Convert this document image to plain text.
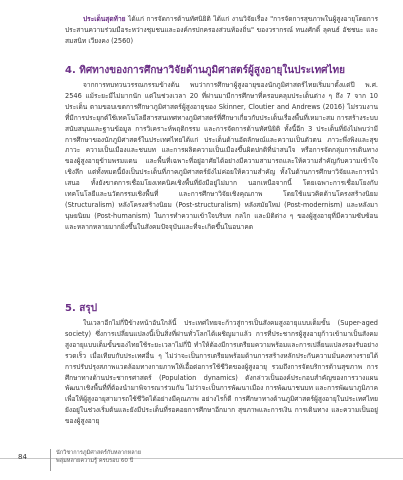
ประเด็นสุดท้าย ได้แก่ การจัดการด้านทัศนิยิติ ได้แก่ งานวิจัยเรื่อง "การจัดการสุขภาพในผู้สูงอายุโดยการประสานความร่วมมือระหว่างชุมชนและองค์กรปกครองส่วนท้องถิ่น" ของวรากรณ์ ทนงศักดิ์ ลุคนธ์ อัชชนะ และสมสนิท เวียงคง (2560)

4. ทิศทางของการศึกษาวิจัยด้านภูมิศาสตร์ผู้สูงอายุในประเทศไทย

จากการทบทวนวรรณกรรมข้างต้น พบว่าการศึกษาผู้สูงอายุของนักภูมิศาสตร์ไทยเริ่มมาตั้งแต่ปี พ.ศ. 2546 แม้ระยะมีไม่มากนัก แต่ในช่วงเวลา 20 ที่ผ่านมามีการศึกษาที่ครอบคลุมประเด็นต่าง ๆ ถึง 7 จาก 10 ประเด็น ตามขอบเขตการศึกษาภูมิศาสตร์ผู้สูงอายุของ Skinner, Cloutier and Andrews (2016) ไม่รวมงานที่มีการประยุกต์ใช้เทคโนโลยีสารสนเทศทางภูมิศาสตร์ที่ศึกษาเกี่ยวกับประเด็นเรื่องพื้นที่เหมาะสม การสร้างระบบสนับสนุนและฐานข้อมูล การวิเคราะห์พฤติกรรม และการจัดการด้านทัศนิยิติ ทั้งนี้อีก 3 ประเด็นที่ยังไม่พบว่ามีการศึกษาของนักภูมิศาสตร์ในประเทศไทยได้แก่ ประเด็นด้านอัตลักษณ์และความเป็นตัวตน ภาวะพึ่งพิงและสุขภาวะ ความเป็นเมืองและชนบท และการผลิตความเป็นเมืองขึ้นผิดปกติที่น่าสนใจ หรือการจัดกลุ่มการเดินทางของผู้สูงอายุข้ามพรมแดน และพื้นที่เฉพาะที่อยู่อาศัยได้อย่างมีความสามารถและให้ความสำคัญกับความเข้าใจเชิงลึก แต่ทั้งหมดนี้ยังเป็นประเด็นที่ภาคภูมิศาสตร์ยังไม่ค่อยให้ความสำคัญ ทั้งในด้านการศึกษาวิจัยและการนำเสนอ ทั้งยังขาดการเชื่อมโยงเทคนิคเชิงพื้นที่ยังมีอยู่ไม่มาก นอกเหนือจากนี้ โดยเฉพาะการเชื่อมโยงกับเทคโนโลยีและนวัตกรรมเชิงพื้นที่ และการศึกษาวิจัยเชิงคุณภาพ โดยใช้แนวคิดด้านโครงสร้างนิยม (Structuralism) หลังโครงสร้างนิยม (Post-structuralism) หลังสมัยใหม่ (Post-modernism) และหลังมานุษยนิยม (Post-humanism) ในการทำความเข้าใจบริบท กลไก และมิติต่าง ๆ ของผู้สูงอายุที่มีความซับซ้อนและหลากหลายมากยิ่งขึ้นในสังคมปัจจุบันและที่จะเกิดขึ้นในอนาคต

5. สรุป

ในเวลาอีกไม่กี่ปีข้างหน้าอันใกล้นี้ ประเทศไทยจะก้าวสู่การเป็นสังคมสูงอายุแบบเต็มขั้น (Super-aged society) ซึ่งการเปลี่ยนแปลงนี้เป็นสิ่งที่ผ่านทั่วโลกได้เผชิญมาแล้ว การที่ประชากรผู้สูงอายุก้าวเข้ามาเป็นสังคมสูงอายุแบบเต็มขั้นของไทยใช้ระยะเวลาไม่กี่ปี ทำให้ต้องมีการเตรียมความพร้อมและการเปลี่ยนแปลงรองรับอย่างรวดเร็ว เมื่อเทียบกับประเทศอื่น ๆ ไม่ว่าจะเป็นการเตรียมพร้อมด้านการสร้างหลักประกันความมั่นคงทางรายได้ การปรับปรุงสภาพแวดล้อมทางกายภาพให้เอื้อต่อการใช้ชีวิตของผู้สูงอายุ รวมถึงการจัดบริการด้านสุขภาพ การศึกษาทางด้านประชากรศาสตร์ (Population dynamics) ดังกล่าวเป็นองค์ประกอบสำคัญของการวางแผนพัฒนาเชิงพื้นที่ที่ต้องนำมาพิจารณาร่วมกัน ไม่ว่าจะเป็นการพัฒนาเมือง การพัฒนาชนบท และการพัฒนาภูมิภาค เพื่อให้ผู้สูงอายุสามารถใช้ชีวิตได้อย่างมีคุณภาพ อย่างไรก็ดี การศึกษาทางด้านภูมิศาสตร์ผู้สูงอายุในประเทศไทยยังอยู่ในช่วงเริ่มต้นและยังมีประเด็นที่รอคอยการศึกษาอีกมาก สุขภาพและการเงิน การเดินทาง และความเป็นอยู่ของผู้สูงอายุ

84	นักวิชาการภูมิศาสตร์กับหลากหลาย
พลุ่มหลายความรู้ ครบรอบ 60 ปี
